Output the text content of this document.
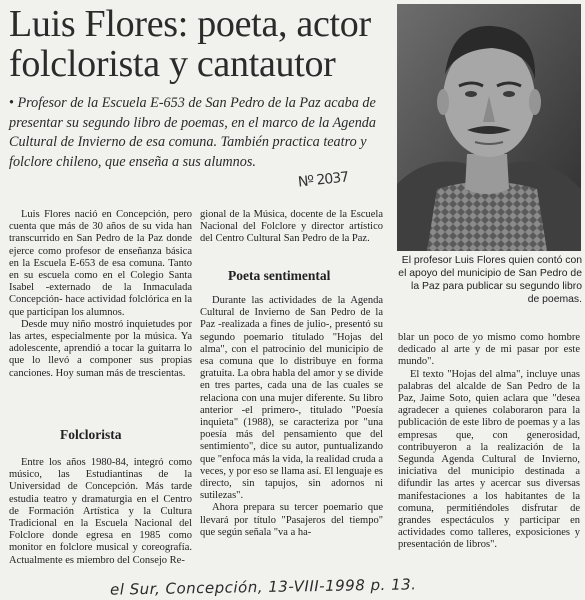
Luis Flores: poeta, actor
folclorista y cantautor
• Profesor de la Escuela E-653 de San Pedro de la Paz acaba de presentar su segundo libro de poemas, en el marco de la Agenda Cultural de Invierno de esa comuna. También practica teatro y folclore chileno, que enseña a sus alumnos.
Nº 2037
El profesor Luis Flores quien contó con el apoyo del municipio de San Pedro de la Paz para publicar su segundo libro de poemas.

Luis Flores nació en Concepción, pero cuenta que más de 30 años de su vida han transcurrido en San Pedro de la Paz donde ejerce como profesor de enseñanza básica en la Escuela E-653 de esa comuna. Tanto en su escuela como en el Colegio Santa Isabel -externado de la Inmaculada Concepción- hace actividad folclórica en la que participan los alumnos.

Desde muy niño mostró inquietudes por las artes, especialmente por la música. Ya adolescente, aprendió a tocar la guitarra lo que lo llevó a componer sus propias canciones. Hoy suman más de trescientas.

Folclorista

Entre los años 1980-84, integró como músico, las Estudiantinas de la Universidad de Concepción. Más tarde estudia teatro y dramaturgia en el Centro de Formación Artística y la Cultura Tradicional en la Escuela Nacional del Folclore donde egresa en 1985 como monitor en folclore musical y coreografía. Actualmente es miembro del Consejo Re-

gional de la Música, docente de la Escuela Nacional del Folclore y director artístico del Centro Cultural San Pedro de la Paz.

Poeta sentimental

Durante las actividades de la Agenda Cultural de Invierno de San Pedro de la Paz -realizada a fines de julio-, presentó su segundo poemario titulado "Hojas del alma", con el patrocinio del municipio de esa comuna que lo distribuye en forma gratuita. La obra habla del amor y se divide en tres partes, cada una de las cuales se relaciona con una mujer diferente. Su libro anterior -el primero-, titulado "Poesía inquieta" (1988), se caracteriza por "una poesía más del pensamiento que del sentimiento", dice su autor, puntualizando que "enfoca más la vida, la realidad cruda a veces, y por eso se llama así. El lenguaje es directo, sin tapujos, sin adornos ni sutilezas".

Ahora prepara su tercer poemario que llevará por título "Pasajeros del tiempo" que según señala "va a ha-

blar un poco de yo mismo como hombre dedicado al arte y de mi pasar por este mundo".

El texto "Hojas del alma", incluye unas palabras del alcalde de San Pedro de la Paz, Jaime Soto, quien aclara que "desea agradecer a quienes colaboraron para la publicación de este libro de poemas y a las empresas que, con generosidad, contribuyeron a la realización de la Segunda Agenda Cultural de Invierno, iniciativa del municipio destinada a difundir las artes y acercar sus diversas manifestaciones a los habitantes de la comuna, permitiéndoles disfrutar de grandes espectáculos y participar en actividades como talleres, exposiciones y presentación de libros".

el Sur, Concepción, 13-VIII-1998 p. 13.
